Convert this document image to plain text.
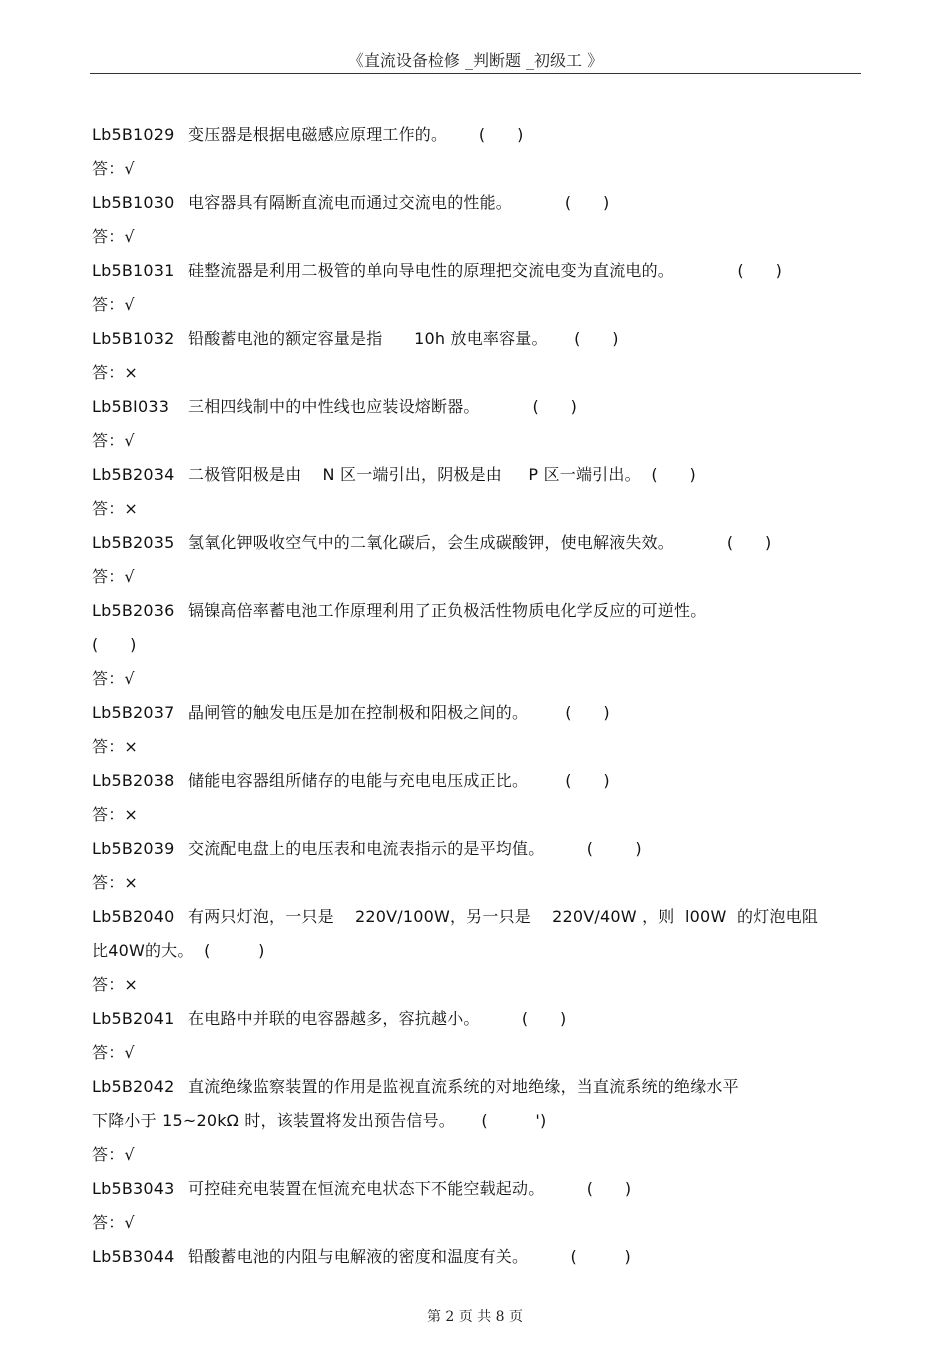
《直流设备检修 _判断题 _初级工 》
Lb5B1029 变压器是根据电磁感应原理工作的。      (      )
答：√
Lb5B1030 电容器具有隔断直流电而通过交流电的性能。          (      )
答：√
Lb5B1031 硅整流器是利用二极管的单向导电性的原理把交流电变为直流电的。            (      )
答：√
Lb5B1032 铅酸蓄电池的额定容量是指      10h 放电率容量。     (      )
答：×
Lb5BI033 三相四线制中的中性线也应装设熔断器。          (      )
答：√
Lb5B2034 二极管阳极是由    N 区一端引出，阴极是由     P 区一端引出。  (      )
答：×
Lb5B2035 氢氧化钾吸收空气中的二氧化碳后，会生成碳酸钾，使电解液失效。          (      )
答：√
Lb5B2036 镉镍高倍率蓄电池工作原理利用了正负极活性物质电化学反应的可逆性。
(      )
答：√
Lb5B2037 晶闸管的触发电压是加在控制极和阳极之间的。       (      )
答：×
Lb5B2038 储能电容器组所储存的电能与充电电压成正比。       (      )
答：×
Lb5B2039 交流配电盘上的电压表和电流表指示的是平均值。        (        )
答：×
Lb5B2040 有两只灯泡，一只是    220V/100W，另一只是    220V/40W ，则  l00W  的灯泡电阻
比40W的大。  (         )
答：×
Lb5B2041 在电路中并联的电容器越多，容抗越小。        (      )
答：√
Lb5B2042 直流绝缘监察装置的作用是监视直流系统的对地绝缘，当直流系统的绝缘水平
下降小于 15~20kΩ 时，该装置将发出预告信号。     (         ')
答：√
Lb5B3043 可控硅充电装置在恒流充电状态下不能空载起动。        (      )
答：√
Lb5B3044 铅酸蓄电池的内阻与电解液的密度和温度有关。        (         )
第 2 页 共 8 页
